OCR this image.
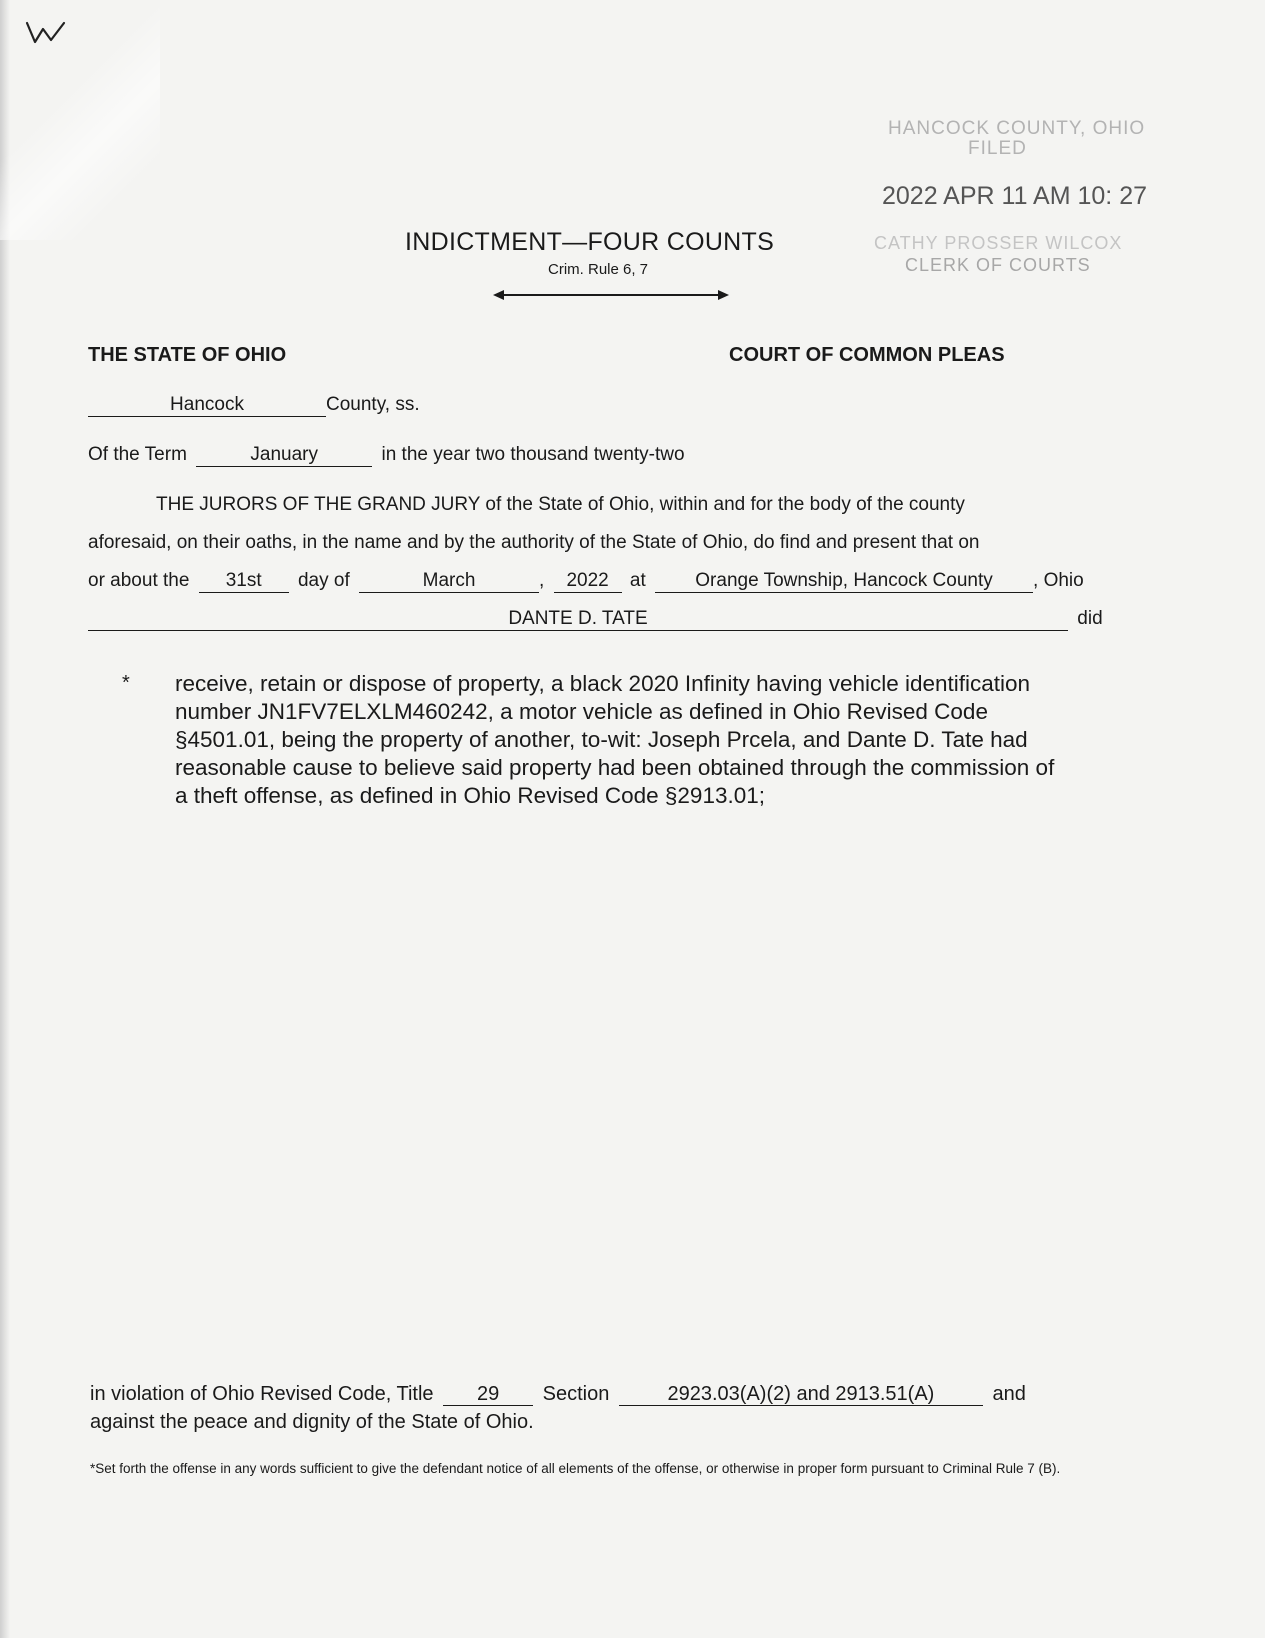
HANCOCK COUNTY, OHIO
FILED
2022 APR 11 AM 10: 27
CATHY PROSSER WILCOX
CLERK OF COURTS
INDICTMENT—FOUR COUNTS
Crim. Rule 6, 7
THE STATE OF OHIO	COURT OF COMMON PLEAS
Hancock	County, ss.
Of the Term	January	in the year two thousand twenty-two
THE JURORS OF THE GRAND JURY of the State of Ohio, within and for the body of the county
aforesaid, on their oaths, in the name and by the authority of the State of Ohio, do find and present that on
or about the 31st day of	March	, 2022 at	Orange Township, Hancock County , Ohio
DANTE D. TATE	did
* receive, retain or dispose of property, a black 2020 Infinity having vehicle identification number JN1FV7ELXLM460242, a motor vehicle as defined in Ohio Revised Code §4501.01, being the property of another, to-wit: Joseph Prcela, and Dante D. Tate had reasonable cause to believe said property had been obtained through the commission of a theft offense, as defined in Ohio Revised Code §2913.01;
in violation of Ohio Revised Code, Title 29 Section	2923.03(A)(2) and 2913.51(A)	and
against the peace and dignity of the State of Ohio.
*Set forth the offense in any words sufficient to give the defendant notice of all elements of the offense, or otherwise in proper form pursuant to Criminal Rule 7 (B).
